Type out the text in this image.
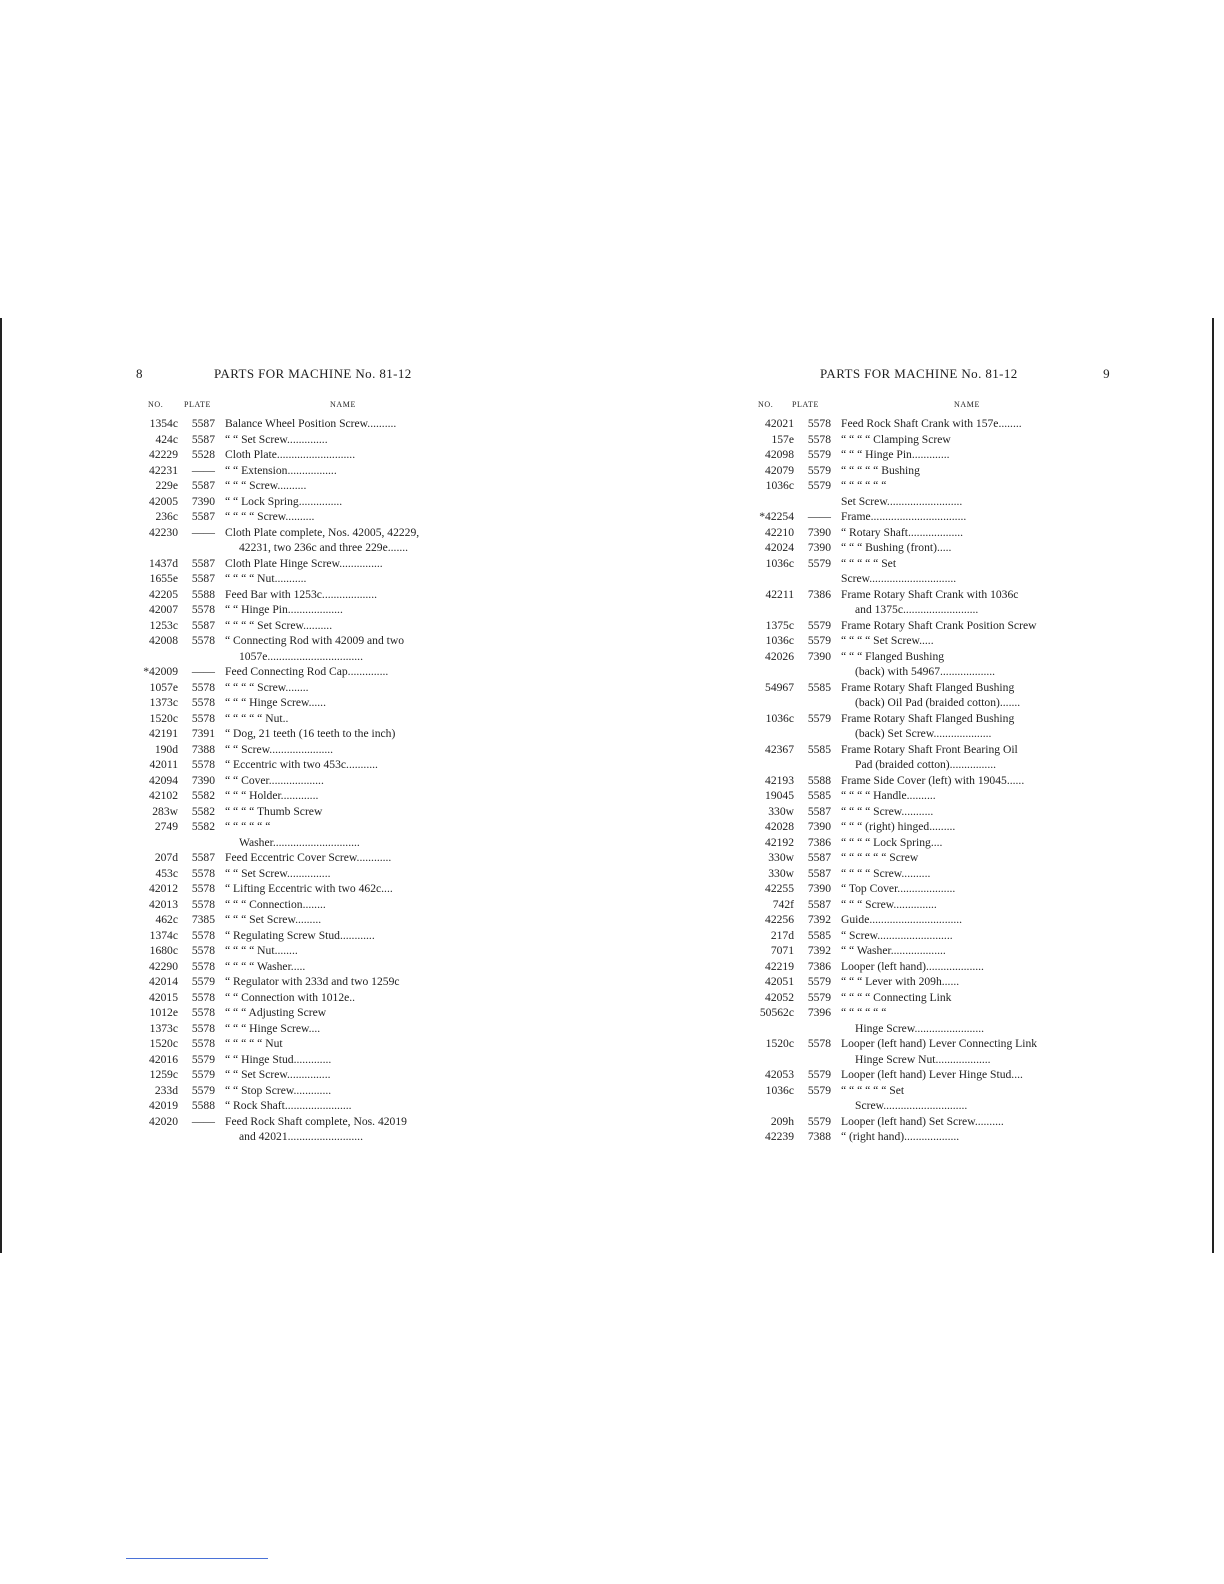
8	PARTS FOR MACHINE No. 81-12
NO.	PLATE	NAME
1354c	5587 Balance Wheel Position Screw..........
424c	5587 “ “ Set Screw..............
42229	5528 Cloth Plate...........................
42231	—— “ “ Extension.................
229e	5587 “ “ “ Screw..........
42005	7390 “ “ Lock Spring...............
236c	5587 “ “ “ “ Screw..........
42230	—— Cloth Plate complete, Nos. 42005, 42229,
42231, two 236c and three 229e.......
1437d	5587 Cloth Plate Hinge Screw...............
1655e	5587 “ “ “ “ Nut...........
42205	5588 Feed Bar with 1253c...................
42007	5578 “ “ Hinge Pin...................
1253c	5587 “ “ “ “ Set Screw..........
42008	5578 “ Connecting Rod with 42009 and two
1057e.................................
*42009	—— Feed Connecting Rod Cap..............
1057e	5578 “ “ “ “ Screw........
1373c	5578 “ “ “ Hinge Screw......
1520c	5578 “ “ “ “ “ Nut..
42191	7391 “ Dog, 21 teeth (16 teeth to the inch)
190d	7388 “ “ Screw......................
42011	5578 “ Eccentric with two 453c...........
42094	7390 “ “ Cover...................
42102	5582 “ “ “ Holder.............
283w	5582 “ “ “ “ Thumb Screw
2749	5582 “ “ “ “ “ “
Washer..............................
207d	5587 Feed Eccentric Cover Screw............
453c	5578 “ “ Set Screw...............
42012	5578 “ Lifting Eccentric with two 462c....
42013	5578 “ “ “ Connection........
462c	7385 “ “ “ Set Screw.........
1374c	5578 “ Regulating Screw Stud............
1680c	5578 “ “ “ “ Nut........
42290	5578 “ “ “ “ Washer.....
42014	5579 “ Regulator with 233d and two 1259c
42015	5578 “ “ Connection with 1012e..
1012e	5578 “ “ “ Adjusting Screw
1373c	5578 “ “ “ Hinge Screw....
1520c	5578 “ “ “ “ “ Nut
42016	5579 “ “ Hinge Stud.............
1259c	5579 “ “ Set Screw...............
233d	5579 “ “ Stop Screw.............
42019	5588 “ Rock Shaft.......................
42020	—— Feed Rock Shaft complete, Nos. 42019
and 42021..........................
PARTS FOR MACHINE No. 81-12	9
NO. PLATE	NAME
42021	5578 Feed Rock Shaft Crank with 157e........
157e	5578 “ “ “ “ Clamping Screw
42098	5579 “ “ “ Hinge Pin.............
42079	5579 “ “ “ “ “ Bushing
1036c	5579 “ “ “ “ “ “
Set Screw..........................
*42254	—— Frame.................................
42210	7390 “ Rotary Shaft...................
42024	7390 “ “ “ Bushing (front).....
1036c	5579 “ “ “ “ “ Set
Screw..............................
42211	7386 Frame Rotary Shaft Crank with 1036c
and 1375c..........................
1375c	5579 Frame Rotary Shaft Crank Position Screw
1036c	5579 “ “ “ “ Set Screw.....
42026	7390 “ “ “ Flanged Bushing
(back) with 54967...................
54967	5585 Frame Rotary Shaft Flanged Bushing
(back) Oil Pad (braided cotton).......
1036c	5579 Frame Rotary Shaft Flanged Bushing
(back) Set Screw....................
42367	5585 Frame Rotary Shaft Front Bearing Oil
Pad (braided cotton)................
42193	5588 Frame Side Cover (left) with 19045......
19045	5585 “ “ “ “ Handle..........
330w	5587 “ “ “ “ Screw...........
42028	7390 “ “ “ (right) hinged.........
42192	7386 “ “ “ “ Lock Spring....
330w	5587 “ “ “ “ “ “ Screw
330w	5587 “ “ “ “ Screw..........
42255	7390 “ Top Cover....................
742f	5587 “ “ “ Screw...............
42256	7392 Guide................................
217d	5585 “ Screw..........................
7071	7392 “ “ Washer...................
42219	7386 Looper (left hand)....................
42051	5579 “ “ “ Lever with 209h......
42052	5579 “ “ “ “ Connecting Link
50562c	7396 “ “ “ “ “ “
Hinge Screw........................
1520c	5578 Looper (left hand) Lever Connecting Link
Hinge Screw Nut...................
42053	5579 Looper (left hand) Lever Hinge Stud....
1036c	5579 “ “ “ “ “ “ Set
Screw.............................
209h	5579 Looper (left hand) Set Screw..........
42239	7388 “ (right hand)...................
